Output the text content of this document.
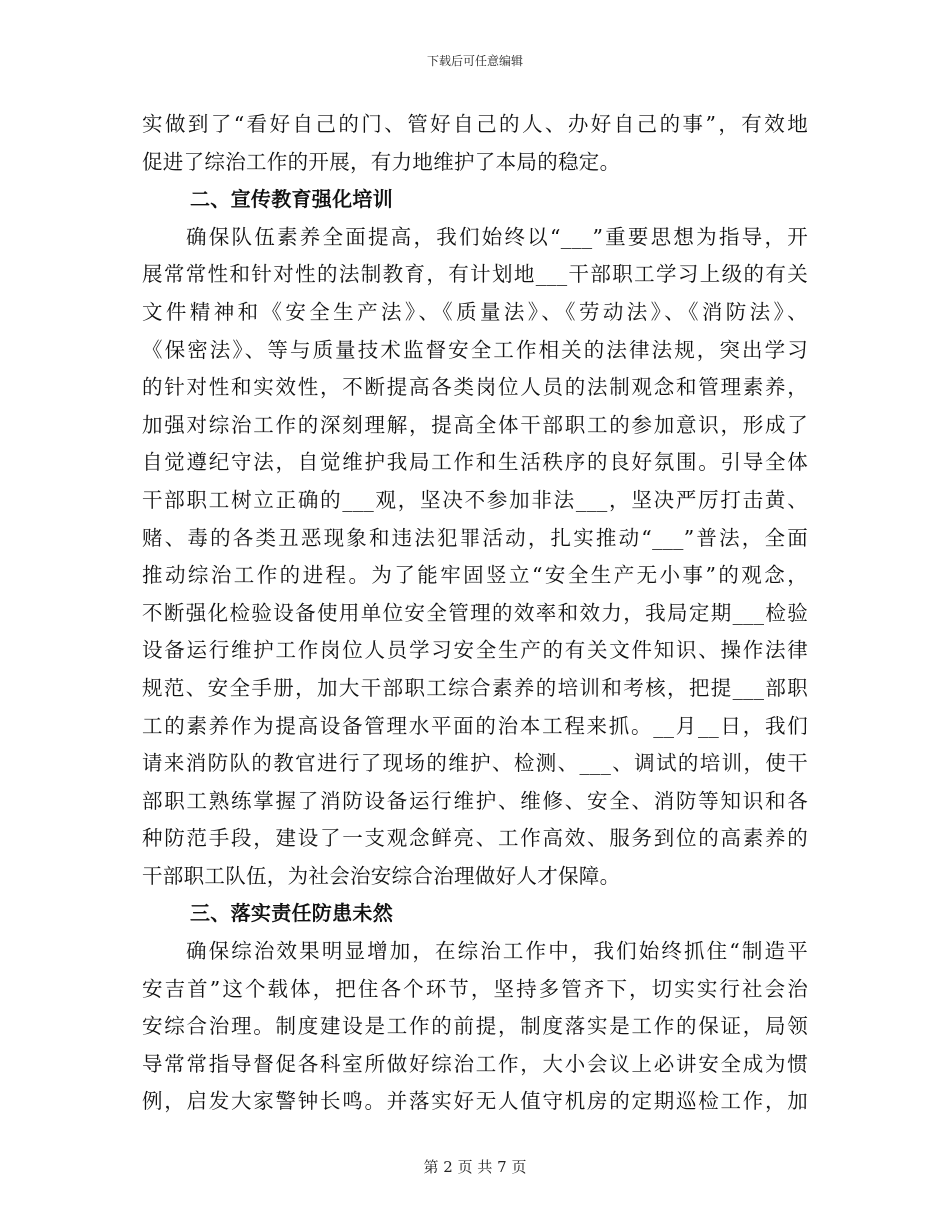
下载后可任意编辑
实做到了“看好自己的门、管好自己的人、办好自己的事”，有效地
促进了综治工作的开展，有力地维护了本局的稳定。
二、宣传教育强化培训
确保队伍素养全面提高，我们始终以“___”重要思想为指导，开
展常常性和针对性的法制教育，有计划地___干部职工学习上级的有关
文件精神和《安全生产法》、《质量法》、《劳动法》、《消防法》、
《保密法》、等与质量技术监督安全工作相关的法律法规，突出学习
的针对性和实效性，不断提高各类岗位人员的法制观念和管理素养，
加强对综治工作的深刻理解，提高全体干部职工的参加意识，形成了
自觉遵纪守法，自觉维护我局工作和生活秩序的良好氛围。引导全体
干部职工树立正确的___观，坚决不参加非法___，坚决严厉打击黄、
赌、毒的各类丑恶现象和违法犯罪活动，扎实推动“___”普法，全面
推动综治工作的进程。为了能牢固竖立“安全生产无小事”的观念，
不断强化检验设备使用单位安全管理的效率和效力，我局定期___检验
设备运行维护工作岗位人员学习安全生产的有关文件知识、操作法律
规范、安全手册，加大干部职工综合素养的培训和考核，把提___部职
工的素养作为提高设备管理水平面的治本工程来抓。__月__日，我们
请来消防队的教官进行了现场的维护、检测、___、调试的培训，使干
部职工熟练掌握了消防设备运行维护、维修、安全、消防等知识和各
种防范手段，建设了一支观念鲜亮、工作高效、服务到位的高素养的
干部职工队伍，为社会治安综合治理做好人才保障。
三、落实责任防患未然
确保综治效果明显增加，在综治工作中，我们始终抓住“制造平
安吉首”这个载体，把住各个环节，坚持多管齐下，切实实行社会治
安综合治理。制度建设是工作的前提，制度落实是工作的保证，局领
导常常指导督促各科室所做好综治工作，大小会议上必讲安全成为惯
例，启发大家警钟长鸣。并落实好无人值守机房的定期巡检工作，加
第 2 页 共 7 页
